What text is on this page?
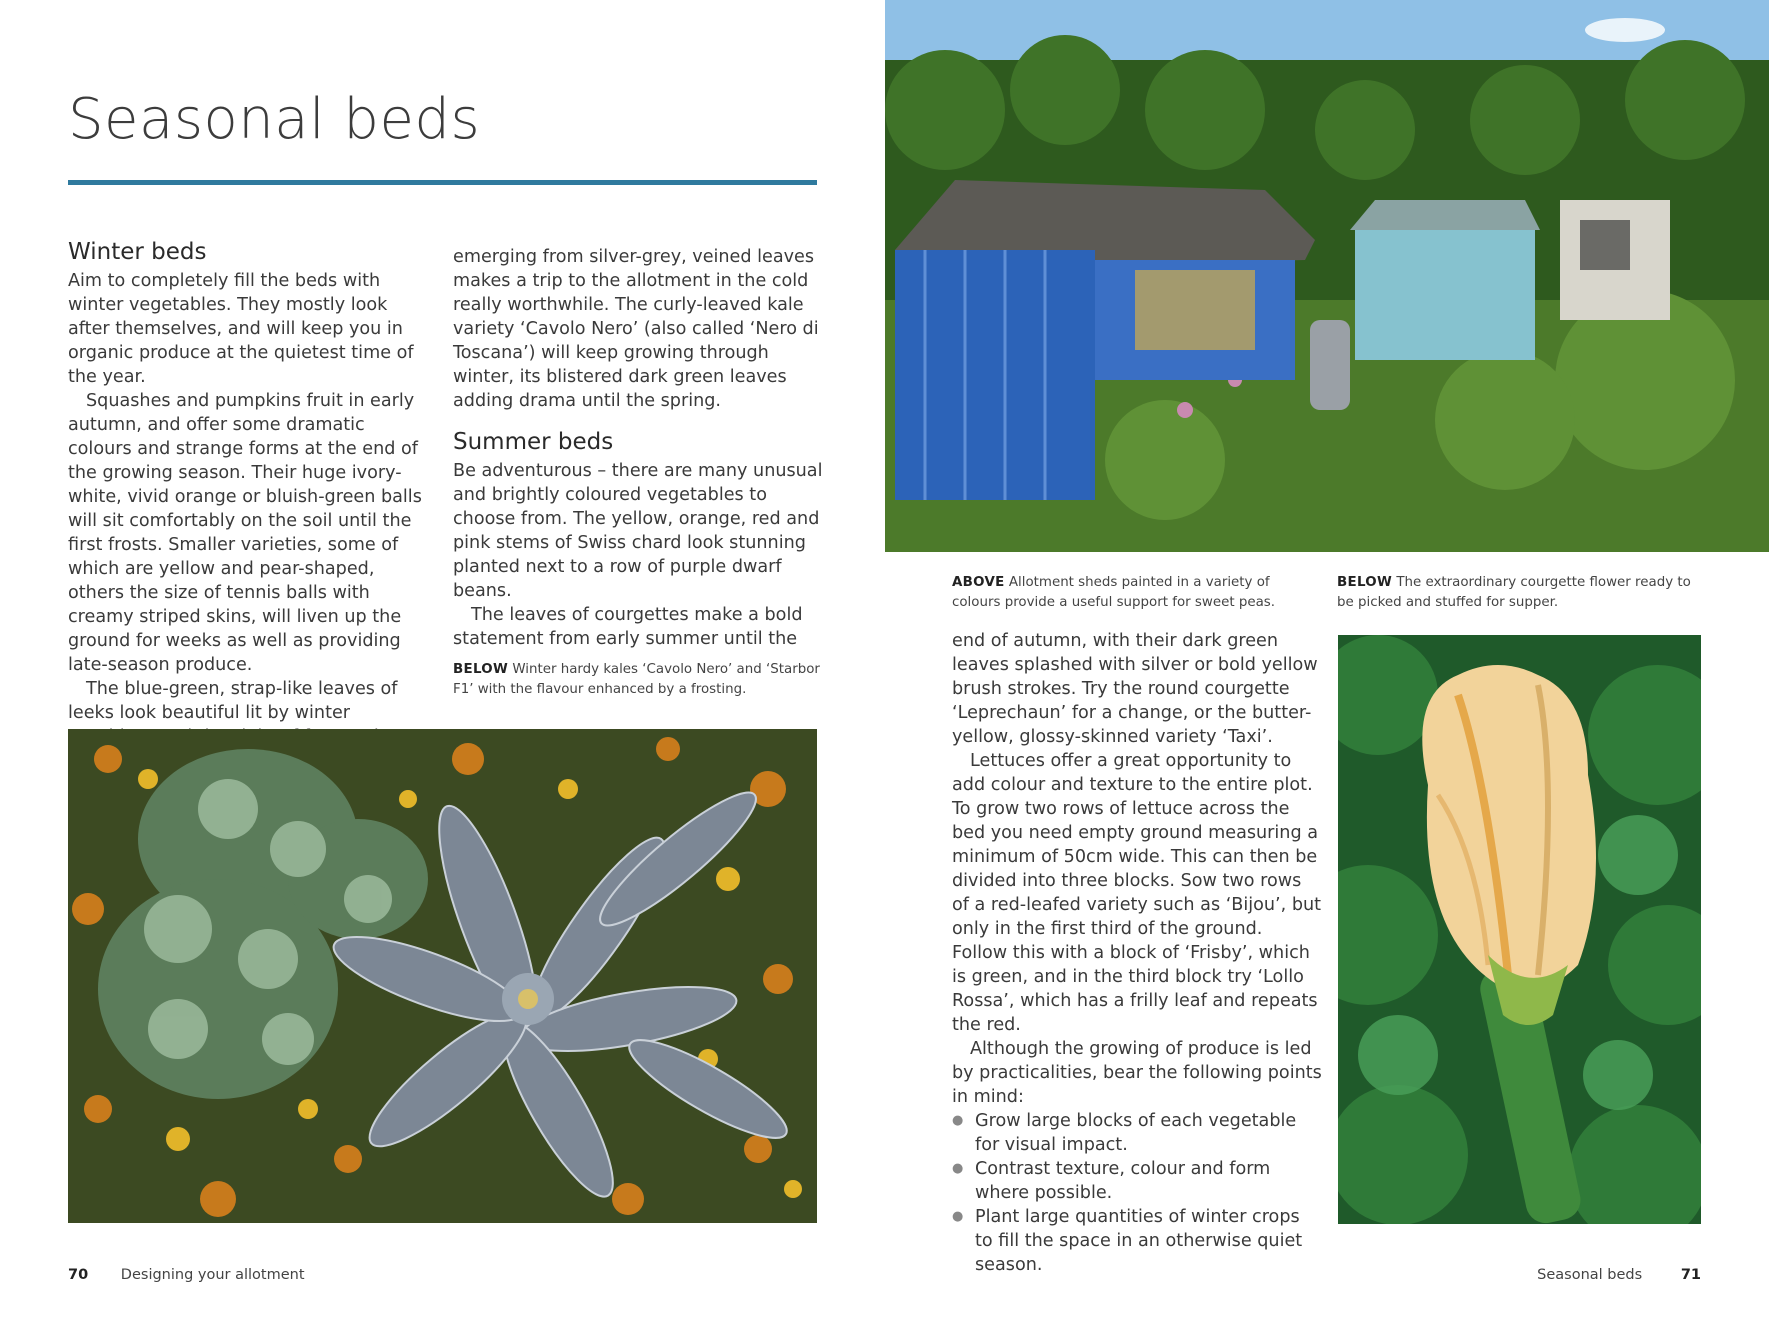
Seasonal beds
Winter beds

Aim to completely fill the beds with winter vegetables. They mostly look after themselves, and will keep you in organic produce at the quietest time of the year.

Squashes and pumpkins fruit in early autumn, and offer some dramatic colours and strange forms at the end of the growing season. Their huge ivory-white, vivid orange or bluish-green balls will sit comfortably on the soil until the first frosts. Smaller varieties, some of which are yellow and pear-shaped, others the size of tennis balls with creamy striped skins, will liven up the ground for weeks as well as providing late-season produce.

The blue-green, strap-like leaves of leeks look beautiful lit by winter

emerging from silver-grey, veined leaves makes a trip to the allotment in the cold really worthwhile. The curly-leaved kale variety ‘Cavolo Nero’ (also called ‘Nero di Toscana’) will keep growing through winter, its blistered dark green leaves adding drama until the spring.

Summer beds

Be adventurous – there are many unusual and brightly coloured vegetables to choose from. The yellow, orange, red and pink stems of Swiss chard look stunning planted next to a row of purple dwarf beans.

The leaves of courgettes make a bold statement from early summer until the

BELOW Winter hardy kales ‘Cavolo Nero’ and ‘Starbor F1’ with the flavour enhanced by a frosting.
ABOVE Allotment sheds painted in a variety of colours provide a useful support for sweet peas.
BELOW The extraordinary courgette flower ready to be picked and stuffed for supper.

end of autumn, with their dark green leaves splashed with silver or bold yellow brush strokes. Try the round courgette ‘Leprechaun’ for a change, or the butter-yellow, glossy-skinned variety ‘Taxi’.

Lettuces offer a great opportunity to add colour and texture to the entire plot. To grow two rows of lettuce across the bed you need empty ground measuring a minimum of 50cm wide. This can then be divided into three blocks. Sow two rows of a red-leafed variety such as ‘Bijou’, but only in the first third of the ground. Follow this with a block of ‘Frisby’, which is green, and in the third block try ‘Lollo Rossa’, which has a frilly leaf and repeats the red.

Although the growing of produce is led by practicalities, bear the following points in mind:

● Grow large blocks of each vegetable for visual impact.
● Contrast texture, colour and form where possible.
● Plant large quantities of winter crops to fill the space in an otherwise quiet season.
70 Designing your allotment	Seasonal beds	71
